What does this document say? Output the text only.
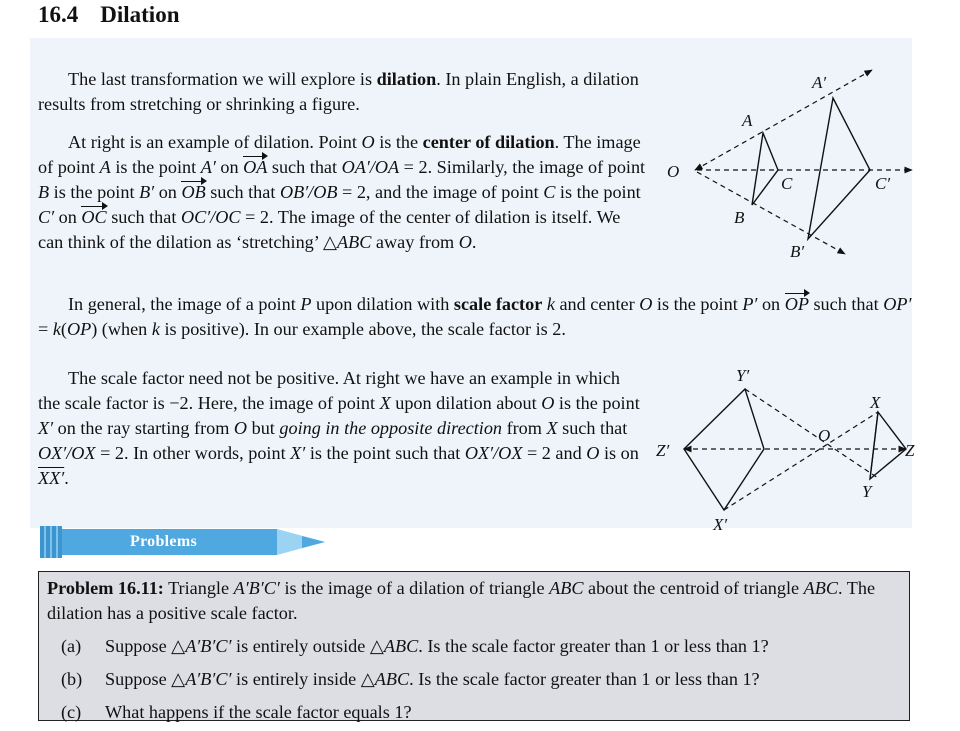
16.4 Dilation
The last transformation we will explore is dilation. In plain English, a dilation results from stretching or shrinking a figure.
At right is an example of dilation. Point O is the center of dilation. The image of point A is the point A′ on OA such that OA′/OA = 2. Similarly, the image of point B is the point B′ on OB such that OB′/OB = 2, and the image of point C is the point C′ on OC such that OC′/OC = 2. The image of the center of dilation is itself. We can think of the dilation as ‘stretching’ △ABC away from O.
In general, the image of a point P upon dilation with scale factor k and center O is the point P′ on OP such that OP′ = k(OP) (when k is positive). In our example above, the scale factor is 2.
The scale factor need not be positive. At right we have an example in which the scale factor is −2. Here, the image of point X upon dilation about O is the point X′ on the ray starting from O but going in the opposite direction from X such that OX′/OX = 2. In other words, point X′ is the point such that OX′/OX = 2 and O is on XX′.
O
A
B
C
A′
B′
C′
Y′
Z′
X′
O
X
Y
Z
Problems
Problem 16.11: Triangle A′B′C′ is the image of a dilation of triangle ABC about the centroid of triangle ABC. The dilation has a positive scale factor.
(a) Suppose △A′B′C′ is entirely outside △ABC. Is the scale factor greater than 1 or less than 1?
(b) Suppose △A′B′C′ is entirely inside △ABC. Is the scale factor greater than 1 or less than 1?
(c) What happens if the scale factor equals 1?
